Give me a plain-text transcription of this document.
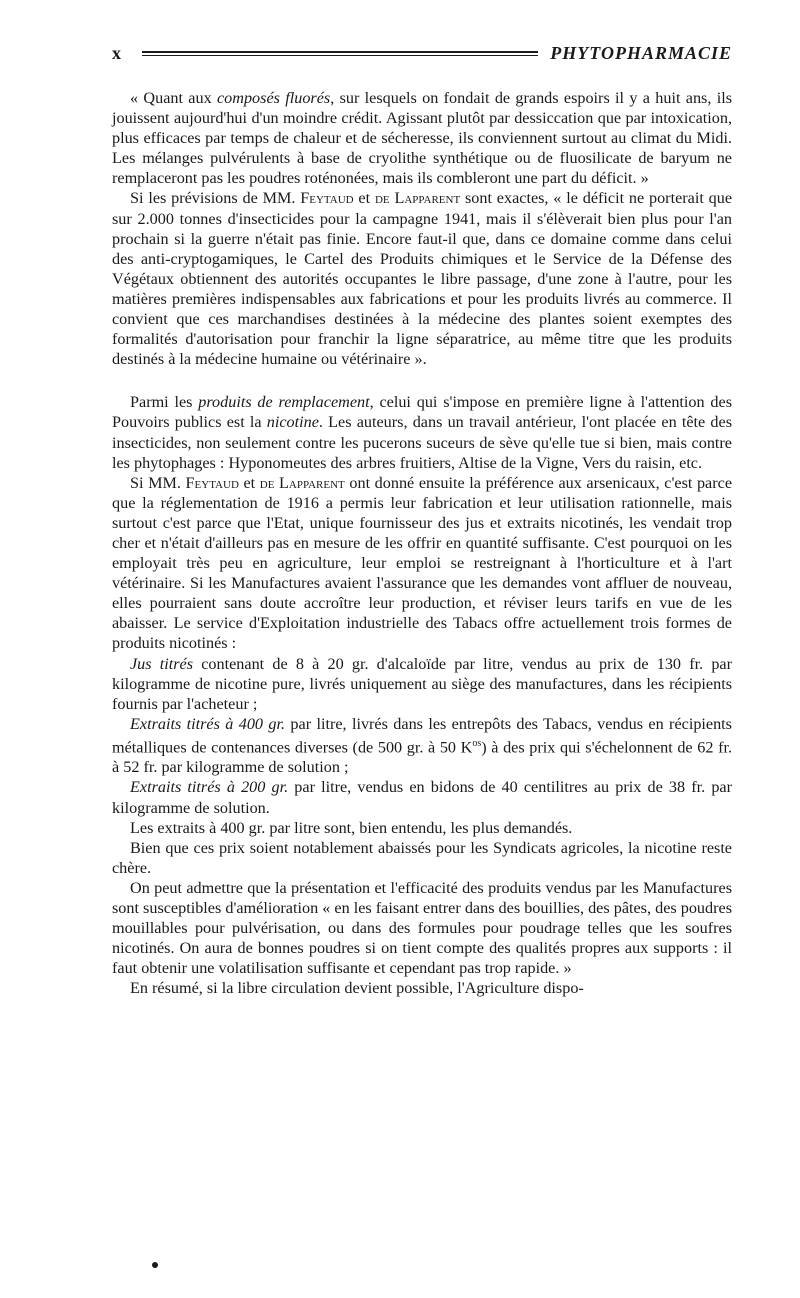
x	PHYTOPHARMACIE

« Quant aux composés fluorés, sur lesquels on fondait de grands espoirs il y a huit ans, ils jouissent aujourd'hui d'un moindre crédit. Agissant plutôt par dessiccation que par intoxication, plus efficaces par temps de chaleur et de sécheresse, ils conviennent surtout au climat du Midi. Les mélanges pulvérulents à base de cryolithe synthétique ou de fluosilicate de baryum ne remplaceront pas les poudres roténonées, mais ils combleront une part du déficit. »

Si les prévisions de MM. Feytaud et de Lapparent sont exactes, « le déficit ne porterait que sur 2.000 tonnes d'insecticides pour la campagne 1941, mais il s'élèverait bien plus pour l'an prochain si la guerre n'était pas finie. Encore faut-il que, dans ce domaine comme dans celui des anti-cryptogamiques, le Cartel des Produits chimiques et le Service de la Défense des Végétaux obtiennent des autorités occupantes le libre passage, d'une zone à l'autre, pour les matières premières indispensables aux fabrications et pour les produits livrés au commerce. Il convient que ces marchandises destinées à la médecine des plantes soient exemptes des formalités d'autorisation pour franchir la ligne séparatrice, au même titre que les produits destinés à la médecine humaine ou vétérinaire ».

Parmi les produits de remplacement, celui qui s'impose en première ligne à l'attention des Pouvoirs publics est la nicotine. Les auteurs, dans un travail antérieur, l'ont placée en tête des insecticides, non seulement contre les pucerons suceurs de sève qu'elle tue si bien, mais contre les phytophages : Hyponomeutes des arbres fruitiers, Altise de la Vigne, Vers du raisin, etc.

Si MM. Feytaud et de Lapparent ont donné ensuite la préférence aux arsenicaux, c'est parce que la réglementation de 1916 a permis leur fabrication et leur utilisation rationnelle, mais surtout c'est parce que l'Etat, unique fournisseur des jus et extraits nicotinés, les vendait trop cher et n'était d'ailleurs pas en mesure de les offrir en quantité suffisante. C'est pourquoi on les employait très peu en agriculture, leur emploi se restreignant à l'horticulture et à l'art vétérinaire. Si les Manufactures avaient l'assurance que les demandes vont affluer de nouveau, elles pourraient sans doute accroître leur production, et réviser leurs tarifs en vue de les abaisser. Le service d'Exploitation industrielle des Tabacs offre actuellement trois formes de produits nicotinés :

Jus titrés contenant de 8 à 20 gr. d'alcaloïde par litre, vendus au prix de 130 fr. par kilogramme de nicotine pure, livrés uniquement au siège des manufactures, dans les récipients fournis par l'acheteur ;

Extraits titrés à 400 gr. par litre, livrés dans les entrepôts des Tabacs, vendus en récipients métalliques de contenances diverses (de 500 gr. à 50 $K^{os}$) à des prix qui s'échelonnent de 62 fr. à 52 fr. par kilogramme de solution ;

Extraits titrés à 200 gr. par litre, vendus en bidons de 40 centilitres au prix de 38 fr. par kilogramme de solution.

Les extraits à 400 gr. par litre sont, bien entendu, les plus demandés.

Bien que ces prix soient notablement abaissés pour les Syndicats agricoles, la nicotine reste chère.

On peut admettre que la présentation et l'efficacité des produits vendus par les Manufactures sont susceptibles d'amélioration « en les faisant entrer dans des bouillies, des pâtes, des poudres mouillables pour pulvérisation, ou dans des formules pour poudrage telles que les soufres nicotinés. On aura de bonnes poudres si on tient compte des qualités propres aux supports : il faut obtenir une volatilisation suffisante et cependant pas trop rapide. »

En résumé, si la libre circulation devient possible, l'Agriculture dispo-
